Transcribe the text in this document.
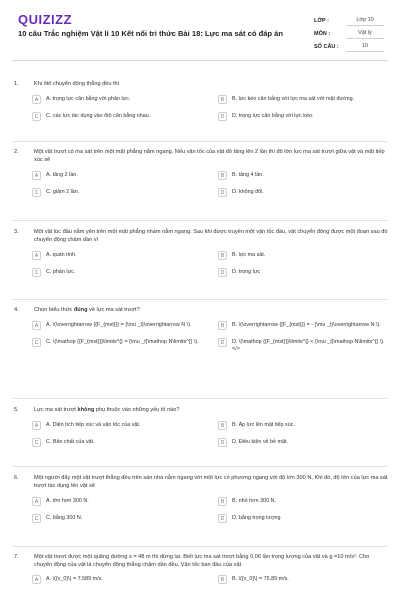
QUIZIZZ
10 câu Trắc nghiệm Vật lí 10 Kết nối tri thức Bài 18: Lực ma sát có đáp án
LỚP :	Lớp 10
MÔN :	Vật lý
SỐ CÂU :	10
1.	Khi ôtô chuyển động thẳng đều thì
A	A. trọng lực cân bằng với phản lực.	B	B. lực kéo cân bằng với lực ma sát với mặt đường.
C	C. các lực tác dụng vào ôtô cân bằng nhau.	D	D. trọng lực cân bằng với lực kéo.
2.	Một vật trượt có ma sát trên một mặt phẳng nằm ngang. Nếu vận tốc của vật đó tăng lên 2 lần thì độ lớn lực ma sát trượt giữa vật và mặt tiếp xúc sẽ
A	A. tăng 2 lần.	B	B. tăng 4 lần.
C	C. giảm 2 lần.	D	D. không đổi.
3.	Một vật lúc đầu nằm yên trên một mặt phẳng nhám nằm ngang. Sau khi được truyền một vận tốc đầu, vật chuyển động được một đoạn sau đó chuyển động chậm dần vì
A	A. quán tính.	B	B. lực ma sát.
C	C. phản lực.	D	D. trọng lực
4.	Chọn biểu thức đúng về lực ma sát trượt?
A	A. \(\overrightarrow {{F_{mst}}} = {\mu _t}\overrightarrow N \).	B	B. \(\overrightarrow {{F_{mst}}} = - {\mu _t}\overrightarrow N \).
C	C. \(\mathop {{F_{mst}}}\limits^{} = {\mu _t}\mathop N\limits^{} \).	D	D. \(\mathop {{F_{mst}}}\limits^{} < {\mu _t}\mathop N\limits^{} \). </>
5.	Lực ma sát trượt không phụ thuộc vào những yếu tố nào?
A	A. Diện tích tiếp xúc và vận tốc của vật.	B	B. Áp lực lên mặt tiếp xúc.
C	C. Bản chất của vật.	D	D. Điều kiện về bề mặt.
6.	Một người đẩy một vật trượt thẳng đều trên sàn nhà nằm ngang với một lực có phương ngang với độ lớn 300 N. Khi đó, độ lớn của lực ma sát trượt tác dụng lên vật sẽ
A	A. lớn hơn 300 N.	B	B. nhỏ hơn 300 N.
C	C. bằng 300 N.	D	D. bằng trọng lượng
7.	Một vật trượt được một quãng đường s = 48 m thì dừng lại. Biết lực ma sát trượt bằng 0,06 lần trọng lượng của vật và g =10 m/s². Cho chuyển động của vật là chuyển động thẳng chậm dần đều. Vận tốc ban đầu của vật
A	A. \({v_0}\) = 7,589 m/s.	B	B. \({v_0}\) = 75,89 m/s.
